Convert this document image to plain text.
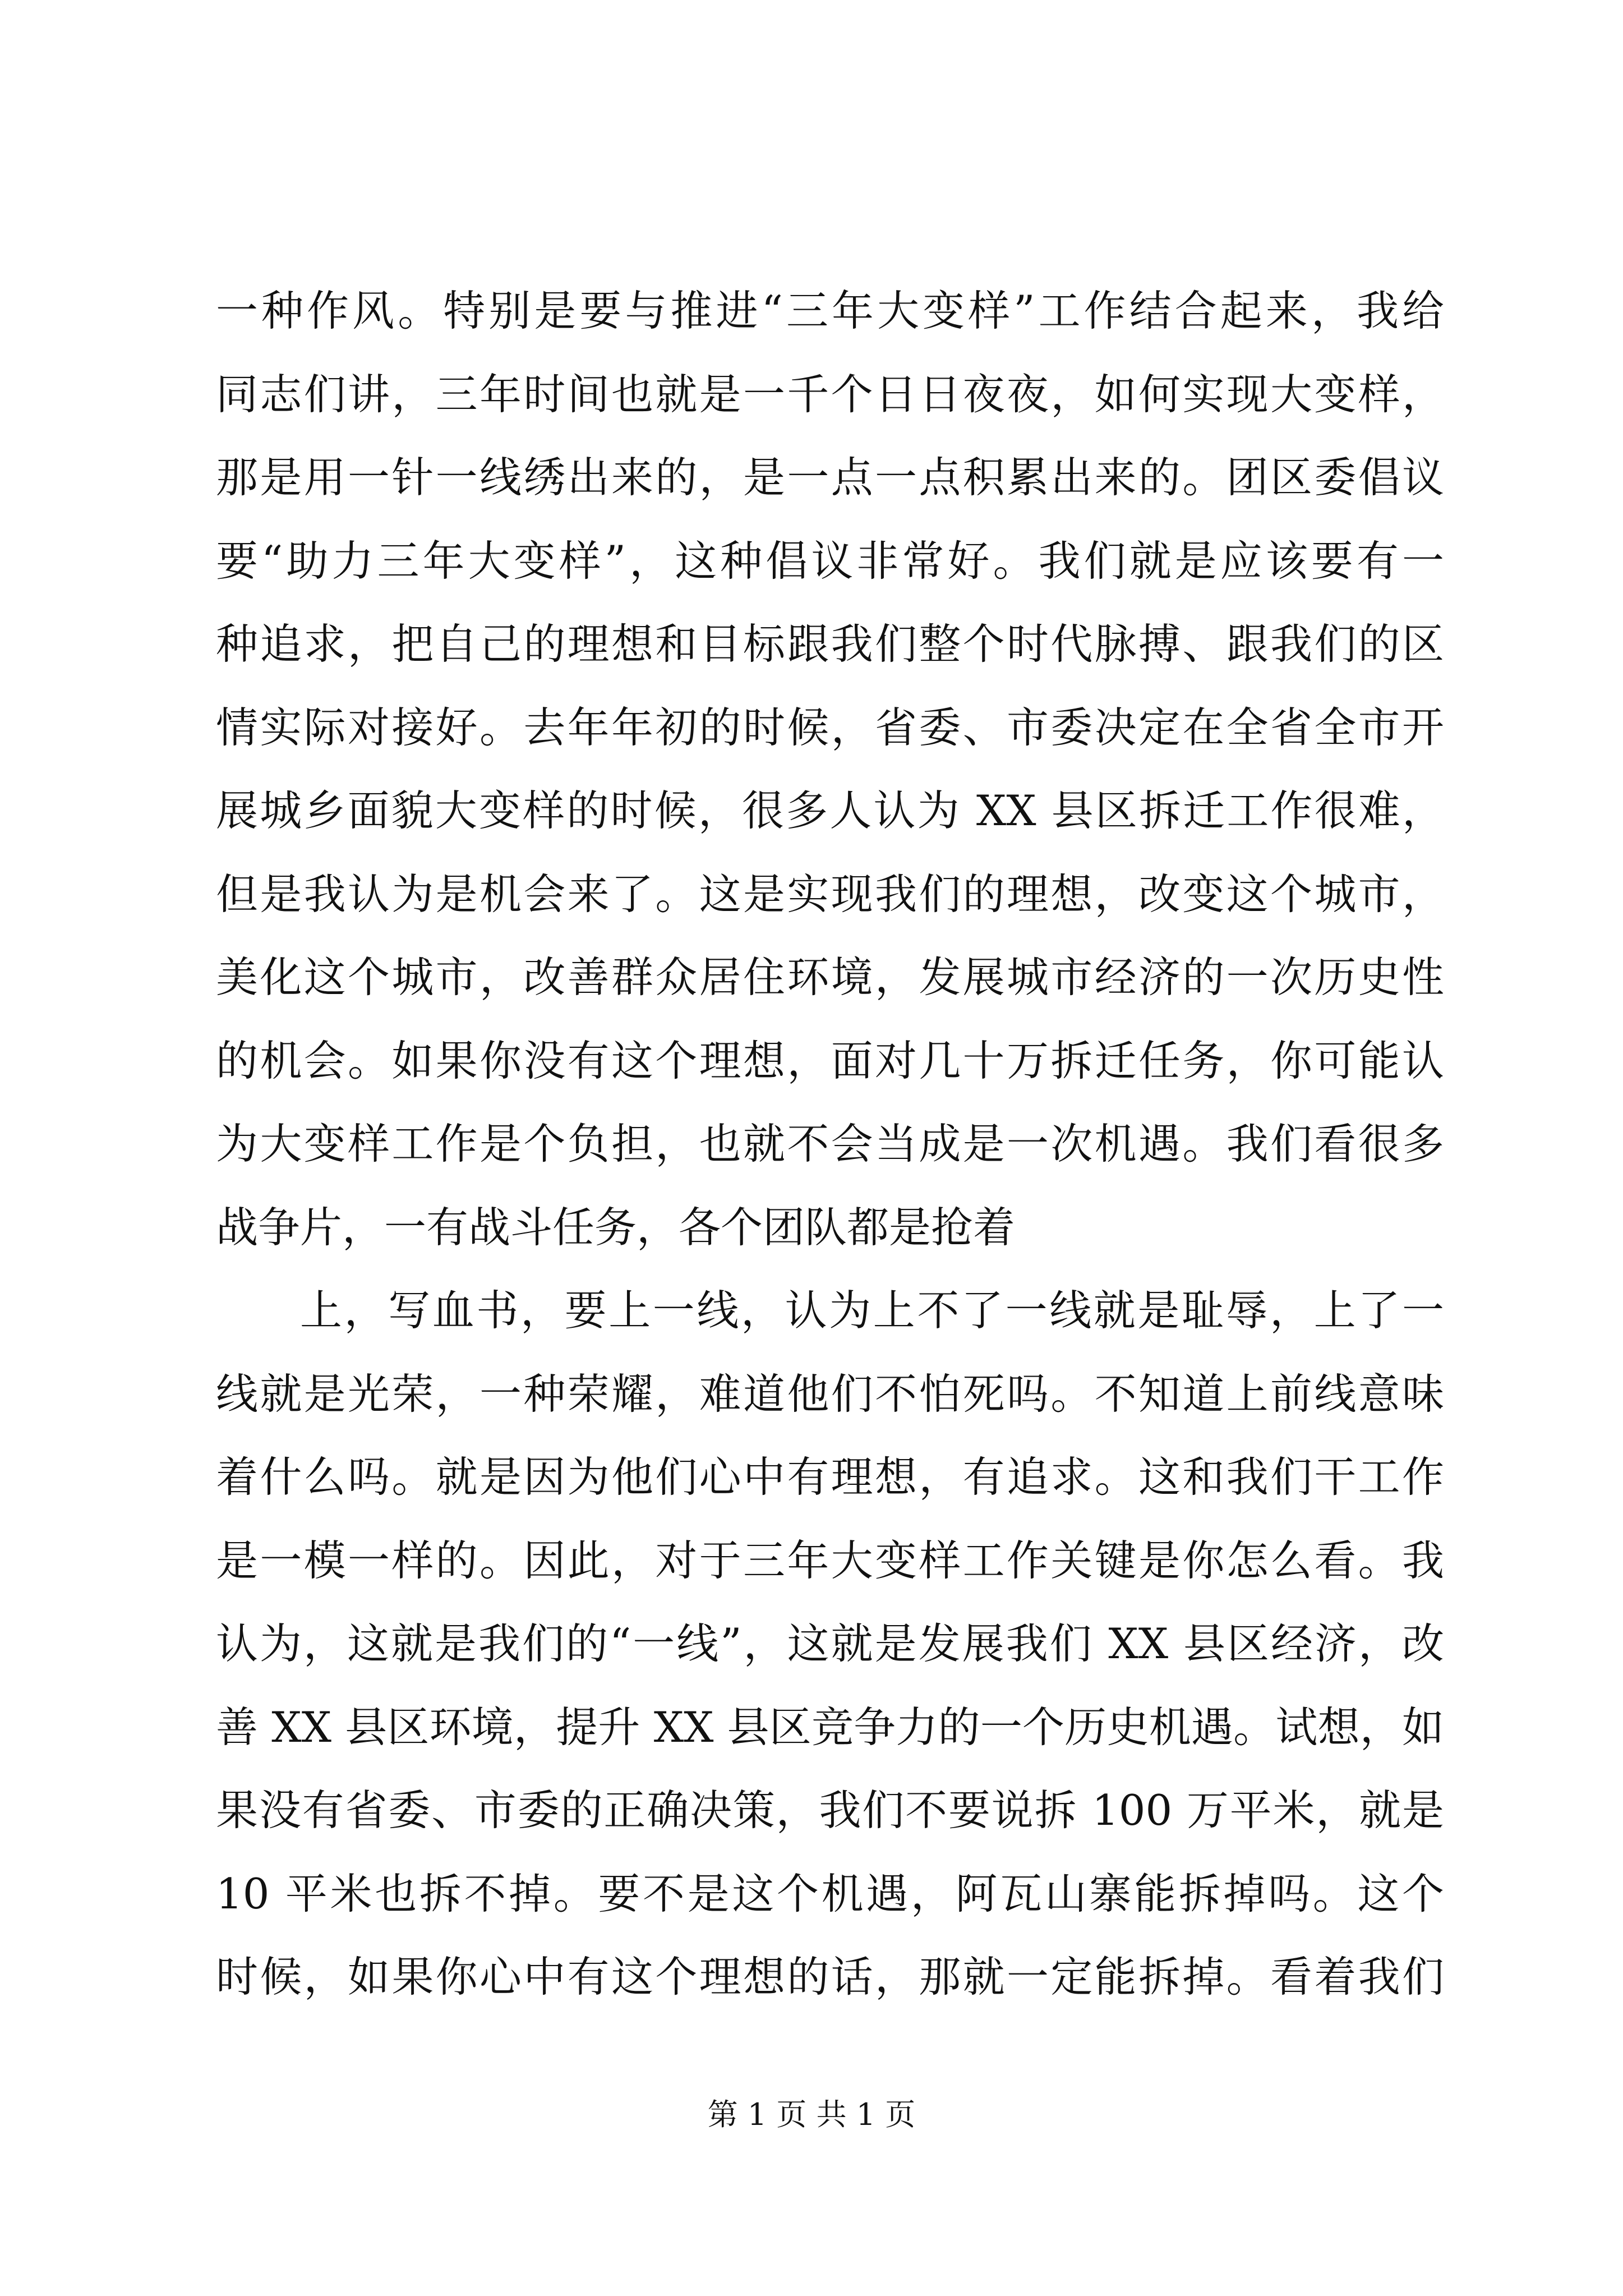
一种作风。特别是要与推进“三年大变样”工作结合起来，我给
同志们讲，三年时间也就是一千个日日夜夜，如何实现大变样，
那是用一针一线绣出来的，是一点一点积累出来的。团区委倡议
要“助力三年大变样”，这种倡议非常好。我们就是应该要有一
种追求，把自己的理想和目标跟我们整个时代脉搏、跟我们的区
情实际对接好。去年年初的时候，省委、市委决定在全省全市开
展城乡面貌大变样的时候，很多人认为 XX 县区拆迁工作很难，
但是我认为是机会来了。这是实现我们的理想，改变这个城市，
美化这个城市，改善群众居住环境，发展城市经济的一次历史性
的机会。如果你没有这个理想，面对几十万拆迁任务，你可能认
为大变样工作是个负担，也就不会当成是一次机遇。我们看很多
战争片，一有战斗任务，各个团队都是抢着
上，写血书，要上一线，认为上不了一线就是耻辱，上了一
线就是光荣，一种荣耀，难道他们不怕死吗。不知道上前线意味
着什么吗。就是因为他们心中有理想，有追求。这和我们干工作
是一模一样的。因此，对于三年大变样工作关键是你怎么看。我
认为，这就是我们的“一线”，这就是发展我们 XX 县区经济，改
善 XX 县区环境，提升 XX 县区竞争力的一个历史机遇。试想，如
果没有省委、市委的正确决策，我们不要说拆 100 万平米，就是
10 平米也拆不掉。要不是这个机遇，阿瓦山寨能拆掉吗。这个
时候，如果你心中有这个理想的话，那就一定能拆掉。看着我们
第 1 页 共 1 页
